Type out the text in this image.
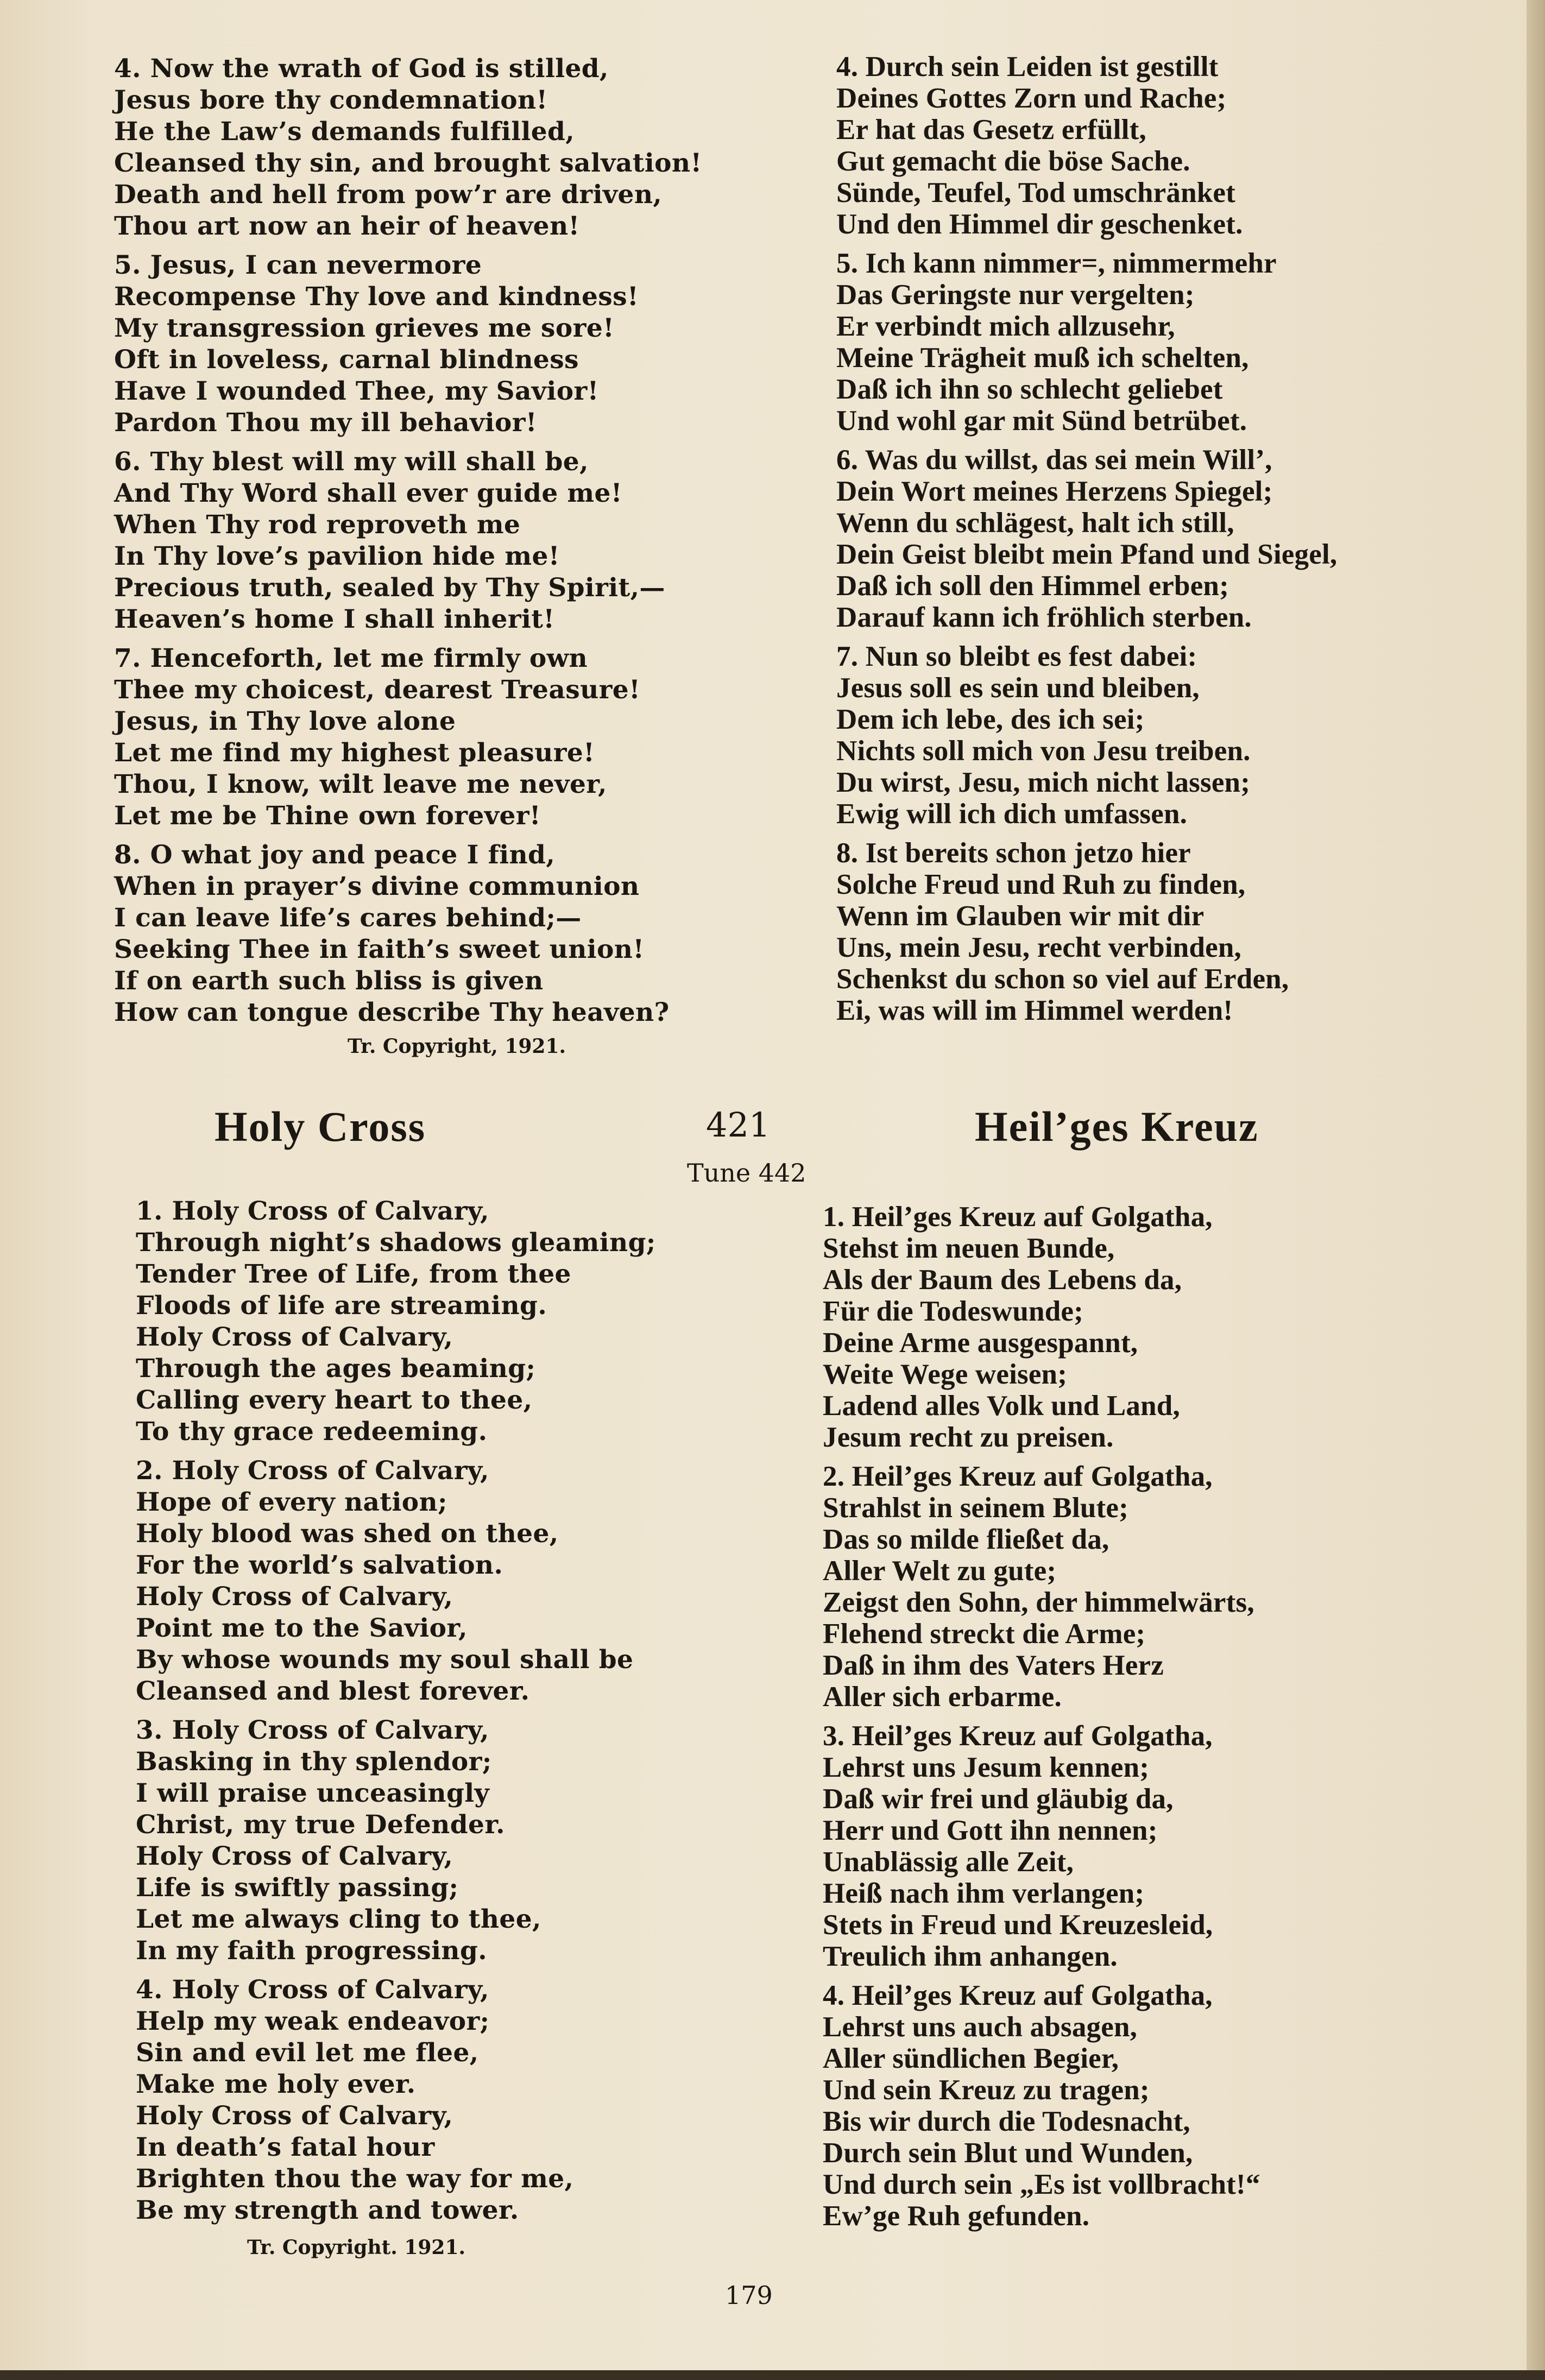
4. Now the wrath of God is stilled,
Jesus bore thy condemnation!
He the Law’s demands fulfilled,
Cleansed thy sin, and brought salvation!
Death and hell from pow’r are driven,
Thou art now an heir of heaven!
5. Jesus, I can nevermore
Recompense Thy love and kindness!
My transgression grieves me sore!
Oft in loveless, carnal blindness
Have I wounded Thee, my Savior!
Pardon Thou my ill behavior!
6. Thy blest will my will shall be,
And Thy Word shall ever guide me!
When Thy rod reproveth me
In Thy love’s pavilion hide me!
Precious truth, sealed by Thy Spirit,—
Heaven’s home I shall inherit!
7. Henceforth, let me firmly own
Thee my choicest, dearest Treasure!
Jesus, in Thy love alone
Let me find my highest pleasure!
Thou, I know, wilt leave me never,
Let me be Thine own forever!
8. O what joy and peace I find,
When in prayer’s divine communion
I can leave life’s cares behind;—
Seeking Thee in faith’s sweet union!
If on earth such bliss is given
How can tongue describe Thy heaven?
4. Durch sein Leiden ist gestillt
Deines Gottes Zorn und Rache;
Er hat das Gesetz erfüllt,
Gut gemacht die böse Sache.
Sünde, Teufel, Tod umschränket
Und den Himmel dir geschenket.
5. Ich kann nimmer=, nimmermehr
Das Geringste nur vergelten;
Er verbindt mich allzusehr,
Meine Trägheit muß ich schelten,
Daß ich ihn so schlecht geliebet
Und wohl gar mit Sünd betrübet.
6. Was du willst, das sei mein Will’,
Dein Wort meines Herzens Spiegel;
Wenn du schlägest, halt ich still,
Dein Geist bleibt mein Pfand und Siegel,
Daß ich soll den Himmel erben;
Darauf kann ich fröhlich sterben.
7. Nun so bleibt es fest dabei:
Jesus soll es sein und bleiben,
Dem ich lebe, des ich sei;
Nichts soll mich von Jesu treiben.
Du wirst, Jesu, mich nicht lassen;
Ewig will ich dich umfassen.
8. Ist bereits schon jetzo hier
Solche Freud und Ruh zu finden,
Wenn im Glauben wir mit dir
Uns, mein Jesu, recht verbinden,
Schenkst du schon so viel auf Erden,
Ei, was will im Himmel werden!
Tr. Copyright, 1921.
Holy Cross	421	Heil’ges Kreuz
Tune 442
1. Holy Cross of Calvary,
Through night’s shadows gleaming;
Tender Tree of Life, from thee
Floods of life are streaming.
Holy Cross of Calvary,
Through the ages beaming;
Calling every heart to thee,
To thy grace redeeming.
2. Holy Cross of Calvary,
Hope of every nation;
Holy blood was shed on thee,
For the world’s salvation.
Holy Cross of Calvary,
Point me to the Savior,
By whose wounds my soul shall be
Cleansed and blest forever.
3. Holy Cross of Calvary,
Basking in thy splendor;
I will praise unceasingly
Christ, my true Defender.
Holy Cross of Calvary,
Life is swiftly passing;
Let me always cling to thee,
In my faith progressing.
4. Holy Cross of Calvary,
Help my weak endeavor;
Sin and evil let me flee,
Make me holy ever.
Holy Cross of Calvary,
In death’s fatal hour
Brighten thou the way for me,
Be my strength and tower.
1. Heil’ges Kreuz auf Golgatha,
Stehst im neuen Bunde,
Als der Baum des Lebens da,
Für die Todeswunde;
Deine Arme ausgespannt,
Weite Wege weisen;
Ladend alles Volk und Land,
Jesum recht zu preisen.
2. Heil’ges Kreuz auf Golgatha,
Strahlst in seinem Blute;
Das so milde fließet da,
Aller Welt zu gute;
Zeigst den Sohn, der himmelwärts,
Flehend streckt die Arme;
Daß in ihm des Vaters Herz
Aller sich erbarme.
3. Heil’ges Kreuz auf Golgatha,
Lehrst uns Jesum kennen;
Daß wir frei und gläubig da,
Herr und Gott ihn nennen;
Unablässig alle Zeit,
Heiß nach ihm verlangen;
Stets in Freud und Kreuzesleid,
Treulich ihm anhangen.
4. Heil’ges Kreuz auf Golgatha,
Lehrst uns auch absagen,
Aller sündlichen Begier,
Und sein Kreuz zu tragen;
Bis wir durch die Todesnacht,
Durch sein Blut und Wunden,
Und durch sein „Es ist vollbracht!“
Ew’ge Ruh gefunden.
Tr. Copyright. 1921.
179
